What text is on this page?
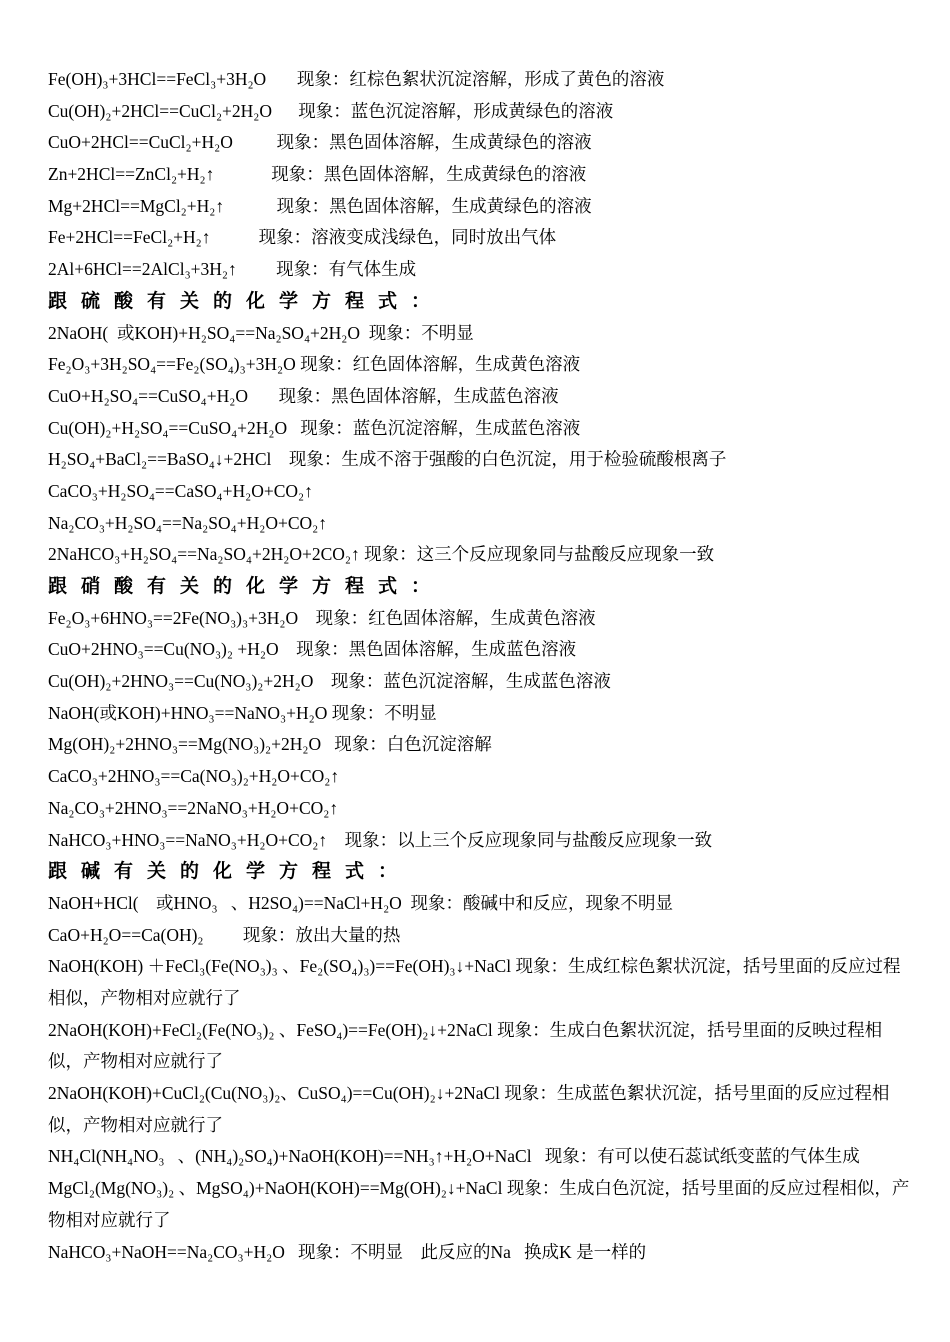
Fe(OH)₃+3HCl==FeCl₃+3H₂O       现象：红棕色絮状沉淀溶解，形成了黄色的溶液
Cu(OH)₂+2HCl==CuCl₂+2H₂O      现象：蓝色沉淀溶解，形成黄绿色的溶液
CuO+2HCl==CuCl₂+H₂O          现象：黑色固体溶解，生成黄绿色的溶液
Zn+2HCl==ZnCl₂+H₂↑             现象：黑色固体溶解，生成黄绿色的溶液
Mg+2HCl==MgCl₂+H₂↑            现象：黑色固体溶解，生成黄绿色的溶液
Fe+2HCl==FeCl₂+H₂↑           现象：溶液变成浅绿色，同时放出气体
2Al+6HCl==2AlCl₃+3H₂↑         现象：有气体生成
跟硫酸有关的化学方程式：
2NaOH(  或KOH)+H₂SO₄==Na₂SO₄+2H₂O  现象：不明显
Fe₂O₃+3H₂SO₄==Fe₂(SO₄)₃+3H₂O 现象：红色固体溶解，生成黄色溶液
CuO+H₂SO₄==CuSO₄+H₂O       现象：黑色固体溶解，生成蓝色溶液
Cu(OH)₂+H₂SO₄==CuSO₄+2H₂O   现象：蓝色沉淀溶解，生成蓝色溶液
H₂SO₄+BaCl₂==BaSO₄↓+2HCl    现象：生成不溶于强酸的白色沉淀，用于检验硫酸根离子
CaCO₃+H₂SO₄==CaSO₄+H₂O+CO₂↑
Na₂CO₃+H₂SO₄==Na₂SO₄+H₂O+CO₂↑
2NaHCO₃+H₂SO₄==Na₂SO₄+2H₂O+2CO₂↑ 现象：这三个反应现象同与盐酸反应现象一致
跟硝酸有关的化学方程式：
Fe₂O₃+6HNO₃==2Fe(NO₃)₃+3H₂O    现象：红色固体溶解，生成黄色溶液
CuO+2HNO₃==Cu(NO₃)₂ +H₂O    现象：黑色固体溶解，生成蓝色溶液
Cu(OH)₂+2HNO₃==Cu(NO₃)₂+2H₂O    现象：蓝色沉淀溶解，生成蓝色溶液
NaOH(或KOH)+HNO₃==NaNO₃+H₂O 现象：不明显
Mg(OH)₂+2HNO₃==Mg(NO₃)₂+2H₂O   现象：白色沉淀溶解
CaCO₃+2HNO₃==Ca(NO₃)₂+H₂O+CO₂↑
Na₂CO₃+2HNO₃==2NaNO₃+H₂O+CO₂↑
NaHCO₃+HNO₃==NaNO₃+H₂O+CO₂↑    现象：以上三个反应现象同与盐酸反应现象一致
跟碱有关的化学方程式：
NaOH+HCl(    或HNO₃   、H2SO₄)==NaCl+H₂O  现象：酸碱中和反应，现象不明显
CaO+H₂O==Ca(OH)₂         现象：放出大量的热
NaOH(KOH) ＋FeCl₃(Fe(NO₃)₃ 、Fe₂(SO₄)₃)==Fe(OH)₃↓+NaCl 现象：生成红棕色絮状沉淀，括号里面的反应过程相似，产物相对应就行了
2NaOH(KOH)+FeCl₂(Fe(NO₃)₂ 、FeSO₄)==Fe(OH)₂↓+2NaCl 现象：生成白色絮状沉淀，括号里面的反映过程相似，产物相对应就行了
2NaOH(KOH)+CuCl₂(Cu(NO₃)₂、CuSO₄)==Cu(OH)₂↓+2NaCl 现象：生成蓝色絮状沉淀，括号里面的反应过程相似，产物相对应就行了
NH₄Cl(NH₄NO₃   、(NH₄)₂SO₄)+NaOH(KOH)==NH₃↑+H₂O+NaCl   现象：有可以使石蕊试纸变蓝的气体生成
MgCl₂(Mg(NO₃)₂ 、MgSO₄)+NaOH(KOH)==Mg(OH)₂↓+NaCl 现象：生成白色沉淀，括号里面的反应过程相似，产物相对应就行了
NaHCO₃+NaOH==Na₂CO₃+H₂O   现象：不明显    此反应的Na   换成K 是一样的
